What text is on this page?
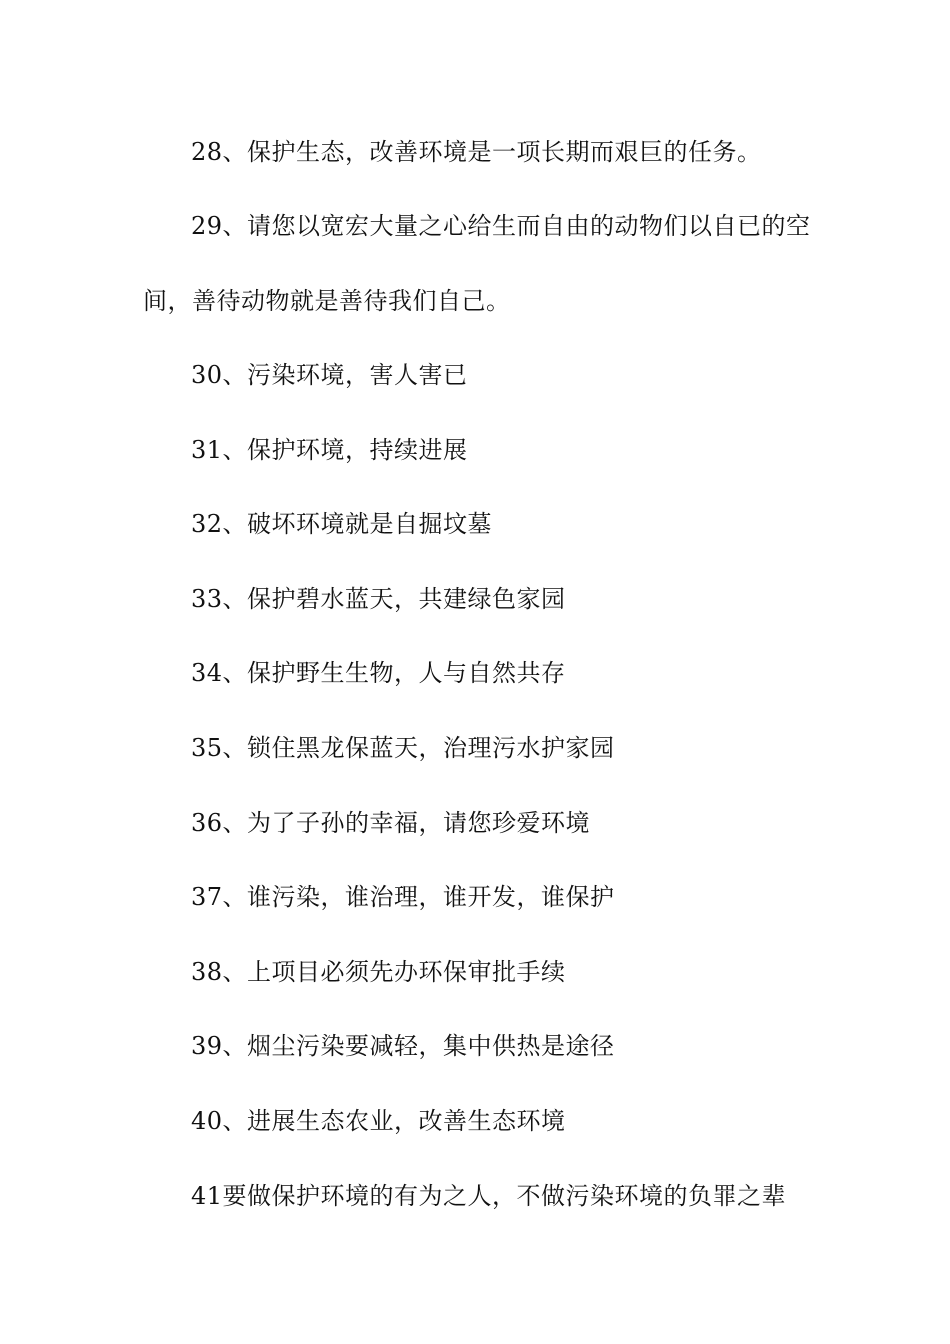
28、保护生态，改善环境是一项长期而艰巨的任务。
29、请您以宽宏大量之心给生而自由的动物们以自已的空
间，善待动物就是善待我们自己。
30、污染环境，害人害已
31、保护环境，持续进展
32、破坏环境就是自掘坟墓
33、保护碧水蓝天，共建绿色家园
34、保护野生生物，人与自然共存
35、锁住黑龙保蓝天，治理污水护家园
36、为了子孙的幸福，请您珍爱环境
37、谁污染，谁治理，谁开发，谁保护
38、上项目必须先办环保审批手续
39、烟尘污染要减轻，集中供热是途径
40、进展生态农业，改善生态环境
41要做保护环境的有为之人，不做污染环境的负罪之辈
